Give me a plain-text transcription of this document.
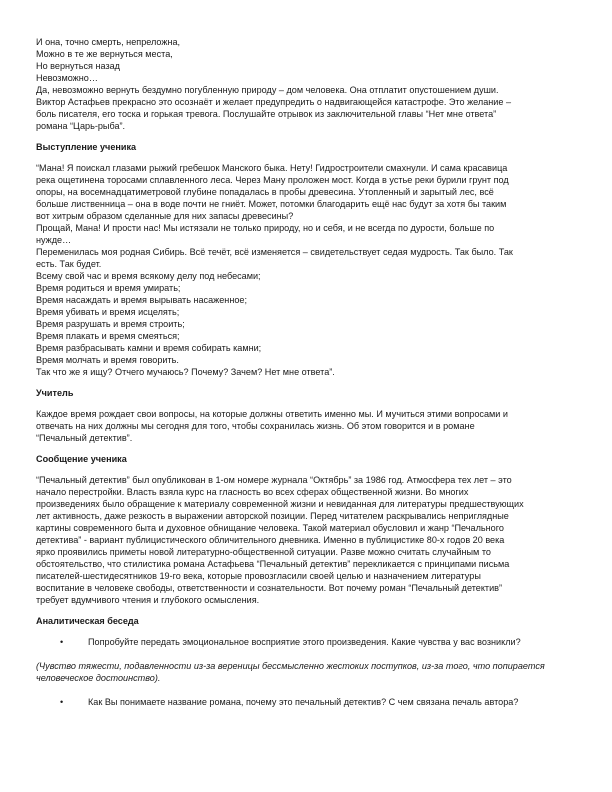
И она, точно смерть, непреложна,
Можно в те же вернуться места,
Но вернуться назад
Невозможно…
Да, невозможно вернуть бездумно погубленную природу – дом человека. Она отплатит опустошением души.
Виктор Астафьев прекрасно это осознаёт и желает предупредить о надвигающейся катастрофе. Это желание –
боль писателя, его тоска и горькая тревога. Послушайте отрывок из заключительной главы “Нет мне ответа”
романа “Царь-рыба”.
Выступление ученика
“Мана! Я поискал глазами рыжий гребешок Манского быка. Нету! Гидростроители смахнули. И сама красавица
река ощетинена торосами сплавленного леса. Через Ману проложен мост. Когда в устье реки бурили грунт под
опоры, на восемнадцатиметровой глубине попадалась в пробы древесина. Утопленный и зарытый лес, всё
больше лиственница – она в воде почти не гниёт. Может, потомки благодарить ещё нас будут за хотя бы таким
вот хитрым образом сделанные для них запасы древесины?
Прощай, Мана! И прости нас! Мы истязали не только природу, но и себя, и не всегда по дурости, больше по
нужде…
Переменилась моя родная Сибирь. Всё течёт, всё изменяется – свидетельствует седая мудрость. Так было. Так
есть. Так будет.
Всему свой час и время всякому делу под небесами;
Время родиться и время умирать;
Время насаждать и время вырывать насаженное;
Время убивать и время исцелять;
Время разрушать и время строить;
Время плакать и время смеяться;
Время разбрасывать камни и время собирать камни;
Время молчать и время говорить.
Так что же я ищу? Отчего мучаюсь? Почему? Зачем? Нет мне ответа”.
Учитель
Каждое время рождает свои вопросы, на которые должны ответить именно мы. И мучиться этими вопросами и
отвечать на них должны мы сегодня для того, чтобы сохранилась жизнь. Об этом говорится и в романе
“Печальный детектив”.
Сообщение ученика
“Печальный детектив” был опубликован в 1-ом номере журнала “Октябрь” за 1986 год. Атмосфера тех лет – это
начало перестройки. Власть взяла курс на гласность во всех сферах общественной жизни. Во многих
произведениях было обращение к материалу современной жизни и невиданная для литературы предшествующих
лет активность, даже резкость в выражении авторской позиции. Перед читателем раскрывались неприглядные
картины современного быта и духовное обнищание человека. Такой материал обусловил и жанр “Печального
детектива” - вариант публицистического обличительного дневника. Именно в публицистике 80-х годов 20 века
ярко проявились приметы новой литературно-общественной ситуации. Разве можно считать случайным то
обстоятельство, что стилистика романа Астафьева “Печальный детектив” перекликается с принципами письма
писателей-шестидесятников 19-го века, которые провозгласили своей целью и назначением литературы
воспитание в человеке свободы, ответственности и сознательности. Вот почему роман “Печальный детектив”
требует вдумчивого чтения и глубокого осмысления.
Аналитическая беседа
•
Попробуйте передать эмоциональное восприятие этого произведения. Какие чувства у вас возникли?
(Чувство тяжести, подавленности из-за вереницы бессмысленно жестоких поступков, из-за того, что попирается
человеческое достоинство).
•
Как Вы понимаете название романа, почему это печальный детектив? С чем связана печаль автора?
